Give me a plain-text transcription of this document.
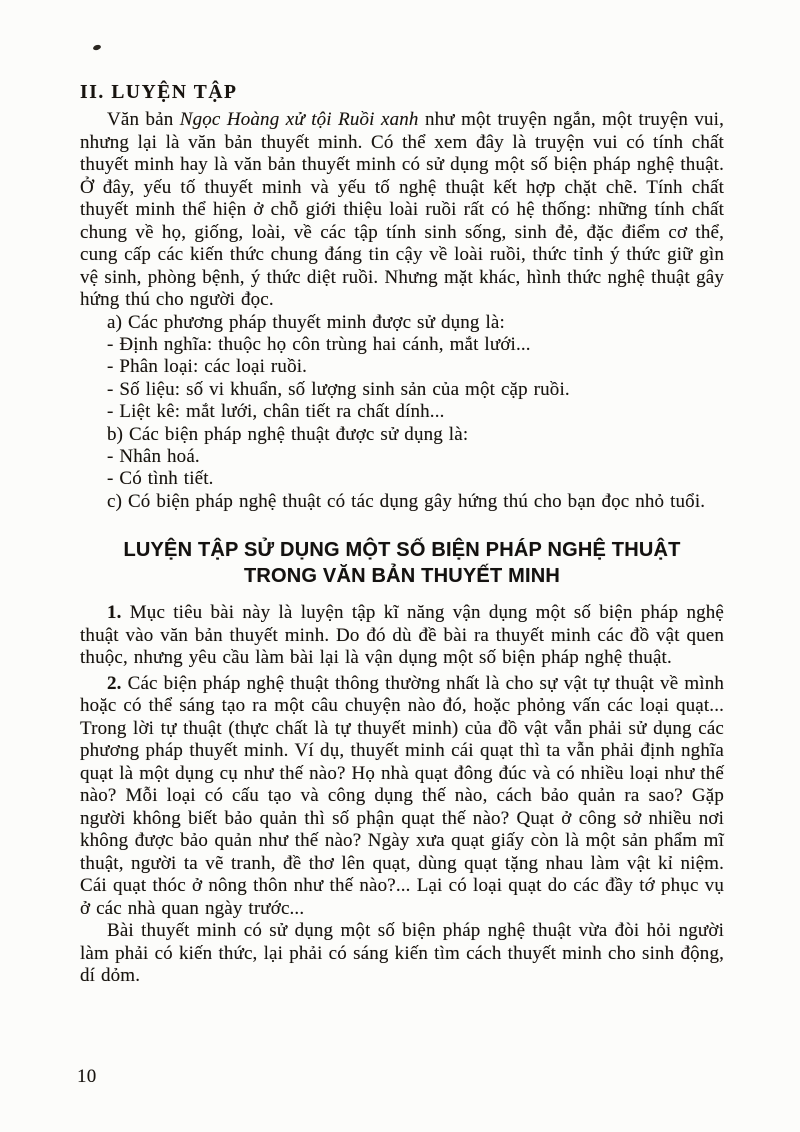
II. LUYỆN TẬP

Văn bản Ngọc Hoàng xử tội Ruồi xanh như một truyện ngắn, một truyện vui, nhưng lại là văn bản thuyết minh. Có thể xem đây là truyện vui có tính chất thuyết minh hay là văn bản thuyết minh có sử dụng một số biện pháp nghệ thuật. Ở đây, yếu tố thuyết minh và yếu tố nghệ thuật kết hợp chặt chẽ. Tính chất thuyết minh thể hiện ở chỗ giới thiệu loài ruồi rất có hệ thống: những tính chất chung về họ, giống, loài, về các tập tính sinh sống, sinh đẻ, đặc điểm cơ thể, cung cấp các kiến thức chung đáng tin cậy về loài ruồi, thức tỉnh ý thức giữ gìn vệ sinh, phòng bệnh, ý thức diệt ruồi. Nhưng mặt khác, hình thức nghệ thuật gây hứng thú cho người đọc.

a) Các phương pháp thuyết minh được sử dụng là:

- Định nghĩa: thuộc họ côn trùng hai cánh, mắt lưới...

- Phân loại: các loại ruồi.

- Số liệu: số vi khuẩn, số lượng sinh sản của một cặp ruồi.

- Liệt kê: mắt lưới, chân tiết ra chất dính...

b) Các biện pháp nghệ thuật được sử dụng là:

- Nhân hoá.

- Có tình tiết.

c) Có biện pháp nghệ thuật có tác dụng gây hứng thú cho bạn đọc nhỏ tuổi.

LUYỆN TẬP SỬ DỤNG MỘT SỐ BIỆN PHÁP NGHỆ THUẬT
TRONG VĂN BẢN THUYẾT MINH

1. Mục tiêu bài này là luyện tập kĩ năng vận dụng một số biện pháp nghệ thuật vào văn bản thuyết minh. Do đó dù đề bài ra thuyết minh các đồ vật quen thuộc, nhưng yêu cầu làm bài lại là vận dụng một số biện pháp nghệ thuật.

2. Các biện pháp nghệ thuật thông thường nhất là cho sự vật tự thuật về mình hoặc có thể sáng tạo ra một câu chuyện nào đó, hoặc phỏng vấn các loại quạt... Trong lời tự thuật (thực chất là tự thuyết minh) của đồ vật vẫn phải sử dụng các phương pháp thuyết minh. Ví dụ, thuyết minh cái quạt thì ta vẫn phải định nghĩa quạt là một dụng cụ như thế nào? Họ nhà quạt đông đúc và có nhiều loại như thế nào? Mỗi loại có cấu tạo và công dụng thế nào, cách bảo quản ra sao? Gặp người không biết bảo quản thì số phận quạt thế nào? Quạt ở công sở nhiều nơi không được bảo quản như thế nào? Ngày xưa quạt giấy còn là một sản phẩm mĩ thuật, người ta vẽ tranh, đề thơ lên quạt, dùng quạt tặng nhau làm vật kỉ niệm. Cái quạt thóc ở nông thôn như thế nào?... Lại có loại quạt do các đầy tớ phục vụ ở các nhà quan ngày trước...

Bài thuyết minh có sử dụng một số biện pháp nghệ thuật vừa đòi hỏi người làm phải có kiến thức, lại phải có sáng kiến tìm cách thuyết minh cho sinh động, dí dỏm.

10
